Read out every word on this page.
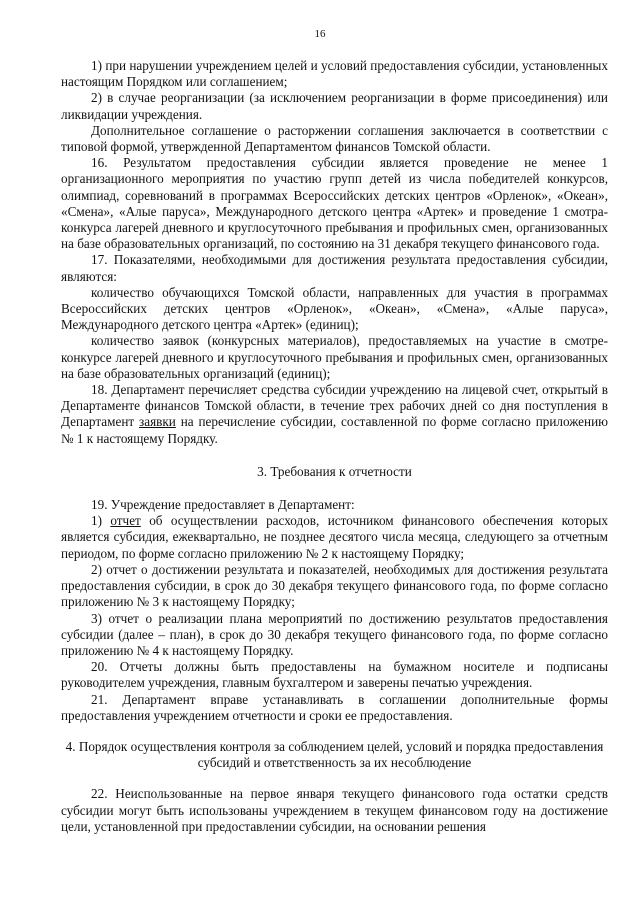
16

1) при нарушении учреждением целей и условий предоставления субсидии, установленных настоящим Порядком или соглашением;

2) в случае реорганизации (за исключением реорганизации в форме присоединения) или ликвидации учреждения.

Дополнительное соглашение о расторжении соглашения заключается в соответствии с типовой формой, утвержденной Департаментом финансов Томской области.

16. Результатом предоставления субсидии является проведение не менее 1 организационного мероприятия по участию групп детей из числа победителей конкурсов, олимпиад, соревнований в программах Всероссийских детских центров «Орленок», «Океан», «Смена», «Алые паруса», Международного детского центра «Артек» и проведение 1 смотра-конкурса лагерей дневного и круглосуточного пребывания и профильных смен, организованных на базе образовательных организаций, по состоянию на 31 декабря текущего финансового года.

17. Показателями, необходимыми для достижения результата предоставления субсидии, являются:

количество обучающихся Томской области, направленных для участия в программах Всероссийских детских центров «Орленок», «Океан», «Смена», «Алые паруса», Международного детского центра «Артек» (единиц);

количество заявок (конкурсных материалов), предоставляемых на участие в смотре-конкурсе лагерей дневного и круглосуточного пребывания и профильных смен, организованных на базе образовательных организаций (единиц);

18. Департамент перечисляет средства субсидии учреждению на лицевой счет, открытый в Департаменте финансов Томской области, в течение трех рабочих дней со дня поступления в Департамент заявки на перечисление субсидии, составленной по форме согласно приложению № 1 к настоящему Порядку.

3. Требования к отчетности

19. Учреждение предоставляет в Департамент:

1) отчет об осуществлении расходов, источником финансового обеспечения которых является субсидия, ежеквартально, не позднее десятого числа месяца, следующего за отчетным периодом, по форме согласно приложению № 2 к настоящему Порядку;

2) отчет о достижении результата и показателей, необходимых для достижения результата предоставления субсидии, в срок до 30 декабря текущего финансового года, по форме согласно приложению № 3 к настоящему Порядку;

3) отчет о реализации плана мероприятий по достижению результатов предоставления субсидии (далее – план), в срок до 30 декабря текущего финансового года, по форме согласно приложению № 4 к настоящему Порядку.

20. Отчеты должны быть предоставлены на бумажном носителе и подписаны руководителем учреждения, главным бухгалтером и заверены печатью учреждения.

21. Департамент вправе устанавливать в соглашении дополнительные формы предоставления учреждением отчетности и сроки ее предоставления.

4. Порядок осуществления контроля за соблюдением целей, условий и порядка предоставления субсидий и ответственность за их несоблюдение

22. Неиспользованные на первое января текущего финансового года остатки средств субсидии могут быть использованы учреждением в текущем финансовом году на достижение цели, установленной при предоставлении субсидии, на основании решения
